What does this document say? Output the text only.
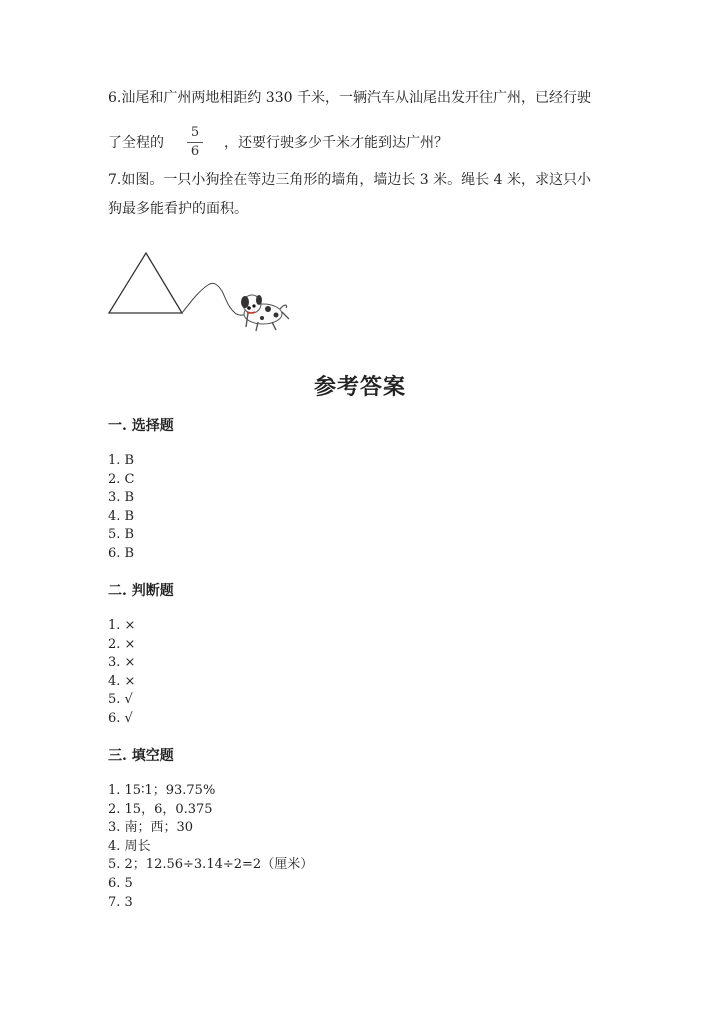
6.汕尾和广州两地相距约 330 千米，一辆汽车从汕尾出发开往广州，已经行驶
了全程的
5
6
，还要行驶多少千米才能到达广州？
7.如图。一只小狗拴在等边三角形的墙角，墙边长 3 米。绳长 4 米，求这只小
狗最多能看护的面积。
参考答案
一. 选择题
1. B
2. C
3. B
4. B
5. B
6. B
二. 判断题
1. ×
2. ×
3. ×
4. ×
5. √
6. √
三. 填空题
1. 15∶1；93.75%
2. 15，6，0.375
3. 南；西；30
4. 周长
5. 2；12.56÷3.14÷2=2（厘米）
6. 5
7. 3
